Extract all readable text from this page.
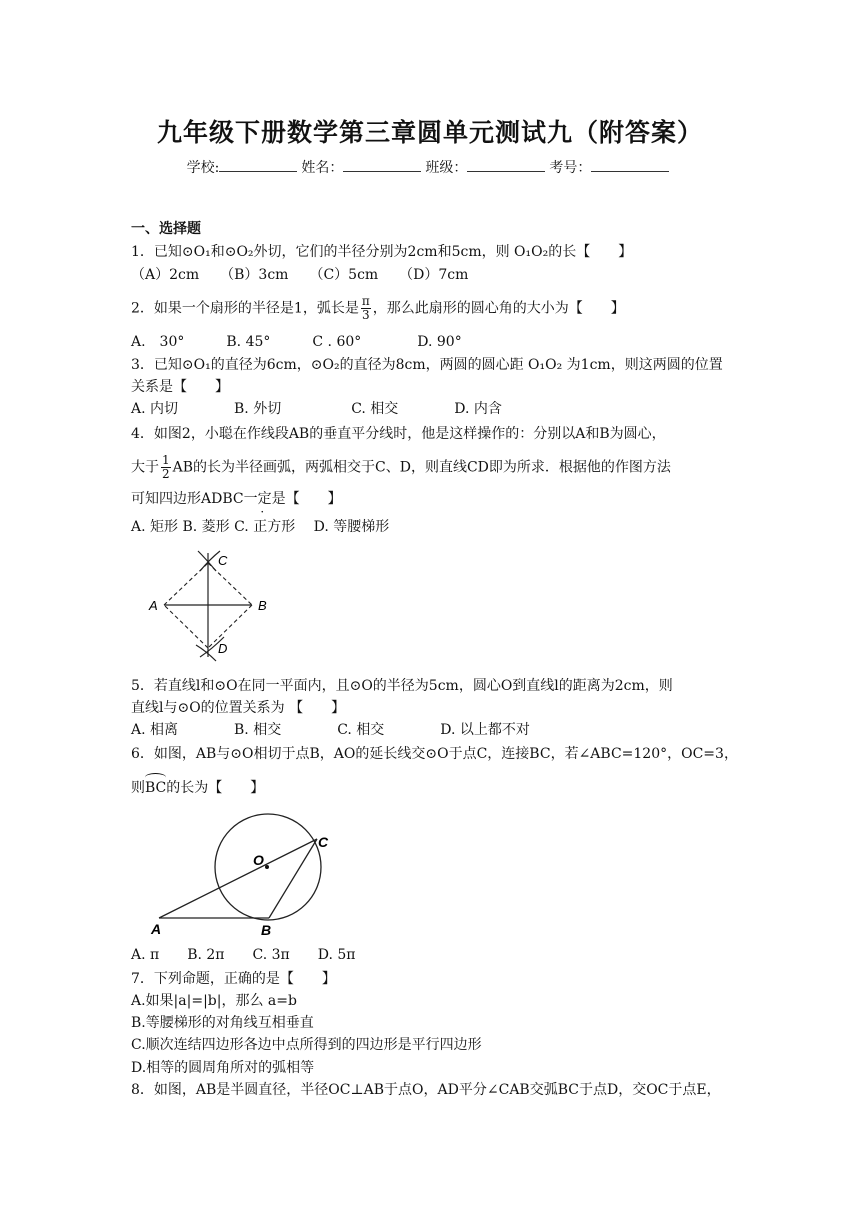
九年级下册数学第三章圆单元测试九（附答案）
学校:	姓名：	班级：	考号：
一、选择题
1．已知⊙O₁和⊙O₂外切，它们的半径分别为2cm和5cm，则 O₁O₂的长【　　】
（A）2cm　　（B）3cm　　（C）5cm　　（D）7cm
2．如果一个扇形的半径是1，弧长是 $\frac{\pi}{3}$ ，那么此扇形的圆心角的大小为【　　】
A.　30°　　　B. 45°　　　C . 60°　　　　D. 90°
3．已知⊙O₁的直径为6cm，⊙O₂的直径为8cm，两圆的圆心距 O₁O₂ 为1cm，则这两圆的位置
关系是【　　】
A. 内切　　　　B. 外切　　　　　C. 相交　　　　D. 内含
4．如图2，小聪在作线段AB的垂直平分线时，他是这样操作的：分别以A和B为圆心，
大于 $\frac{1}{2}$ AB的长为半径画弧，两弧相交于C、D，则直线CD即为所求．根据他的作图方法
可知四边形ADBC一定是【　　】
A. 矩形 B. 菱形 C. 正方形　 D. 等腰梯形
C
A	B
D
5．若直线l和⊙O在同一平面内，且⊙O的半径为5cm，圆心O到直线l的距离为2cm，则
直线l与⊙O的位置关系为 【　　】
A. 相离　　　　B. 相交　　　　C. 相交　　　　D. 以上都不对
6．如图，AB与⊙O相切于点B，AO的延长线交⊙O于点C，连接BC，若∠ABC=120°，OC=3，
则BC的长为【　　】
O
C
A	B
A. π　　B. 2π　　C. 3π　　D. 5π
7．下列命题，正确的是【　　】
A.如果|a|=|b|，那么 a=b
B.等腰梯形的对角线互相垂直
C.顺次连结四边形各边中点所得到的四边形是平行四边形
D.相等的圆周角所对的弧相等
8．如图，AB是半圆直径，半径OC⊥AB于点O，AD平分∠CAB交弧BC于点D，交OC于点E，
